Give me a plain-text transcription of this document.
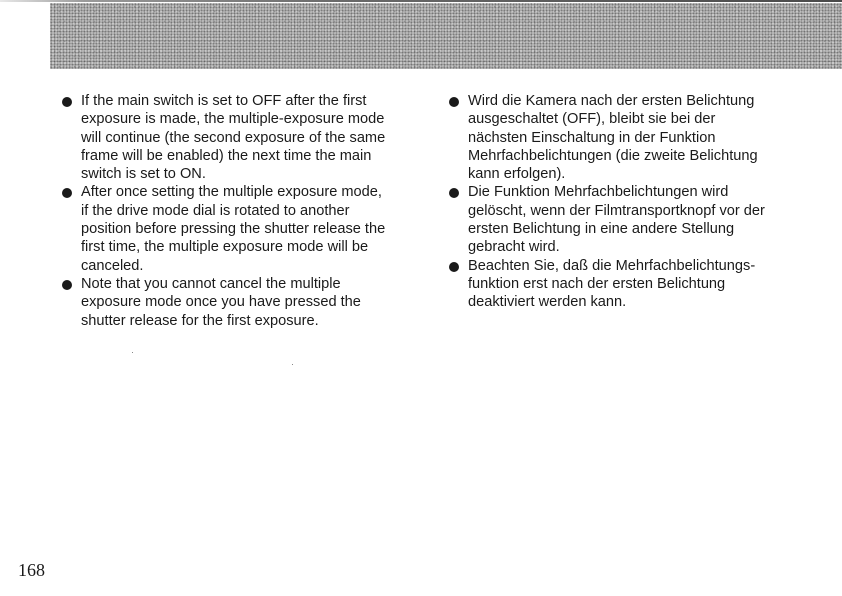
If the main switch is set to OFF after the first
exposure is made, the multiple-exposure mode
will continue (the second exposure of the same
frame will be enabled) the next time the main
switch is set to ON.

After once setting the multiple exposure mode,
if the drive mode dial is rotated to another
position before pressing the shutter release the
first time, the multiple exposure mode will be
canceled.

Note that you cannot cancel the multiple
exposure mode once you have pressed the
shutter release for the first exposure.

Wird die Kamera nach der ersten Belichtung
ausgeschaltet (OFF), bleibt sie bei der
nächsten Einschaltung in der Funktion
Mehrfachbelichtungen (die zweite Belichtung
kann erfolgen).

Die Funktion Mehrfachbelichtungen wird
gelöscht, wenn der Filmtransportknopf vor der
ersten Belichtung in eine andere Stellung
gebracht wird.

Beachten Sie, daß die Mehrfachbelichtungs-
funktion erst nach der ersten Belichtung
deaktiviert werden kann.

168
